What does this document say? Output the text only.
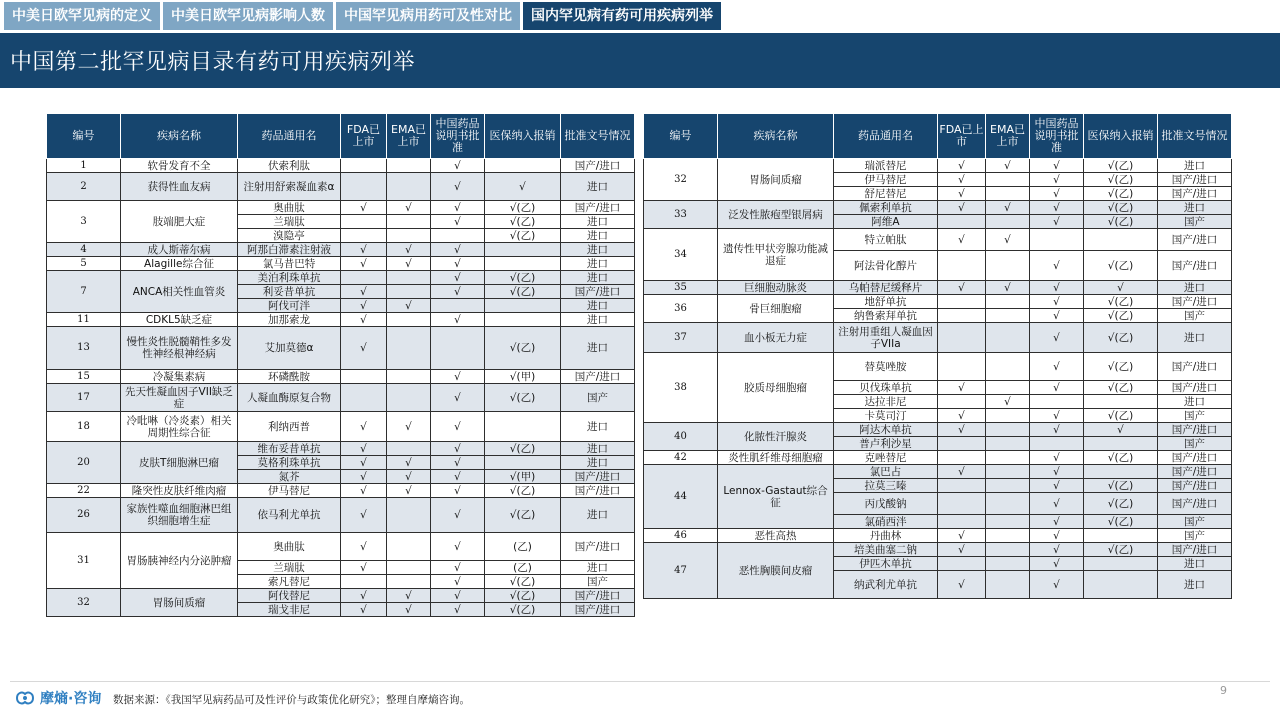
中美日欧罕见病的定义	中美日欧罕见病影响人数	中国罕见病用药可及性对比	国内罕见病有药可用疾病列举
中国第二批罕见病目录有药可用疾病列举
编号	疾病名称	药品通用名	FDA已上市	EMA已上市	中国药品说明书批准	医保纳入报销	批准文号情况
1	软骨发育不全	伏索利肽			√		国产/进口
2	获得性血友病	注射用舒索凝血素α			√	√	进口
3	肢端肥大症	奥曲肽	√	√	√	√(乙)	国产/进口
		兰瑞肽			√	√(乙)	进口
		溴隐亭				√(乙)	进口
4	成人斯蒂尔病	阿那白滞素注射液	√	√	√		进口
5	Alagille综合征	氯马昔巴特	√	√	√		进口
7	ANCA相关性血管炎	美泊利珠单抗			√	√(乙)	进口
		利妥昔单抗	√		√	√(乙)	国产/进口
		阿伐可泮	√	√			进口
11	CDKL5缺乏症	加那索龙	√		√		进口
13	慢性炎性脱髓鞘性多发性神经根神经病	艾加莫德α	√			√(乙)	进口
15	冷凝集素病	环磷酰胺			√	√(甲)	国产/进口
17	先天性凝血因子VII缺乏症	人凝血酶原复合物			√	√(乙)	国产
18	冷吡啉（冷炎素）相关周期性综合征	利纳西普	√	√	√		进口
20	皮肤T细胞淋巴瘤	维布妥昔单抗	√		√	√(乙)	进口
		莫格利珠单抗	√	√	√		进口
		氮芥	√	√	√	√(甲)	国产/进口
22	隆突性皮肤纤维肉瘤	伊马替尼	√	√	√	√(乙)	国产/进口
26	家族性噬血细胞淋巴组织细胞增生症	依马利尤单抗	√		√	√(乙)	进口
31	胃肠胰神经内分泌肿瘤	奥曲肽	√		√	(乙)	国产/进口
		兰瑞肽	√		√	(乙)	进口
		索凡替尼			√	√(乙)	国产
32	胃肠间质瘤	阿伐替尼	√	√	√	√(乙)	国产/进口
		瑞戈非尼	√	√	√	√(乙)	国产/进口
编号	疾病名称	药品通用名	FDA已上市	EMA已上市	中国药品说明书批准	医保纳入报销	批准文号情况
32	胃肠间质瘤	瑞派替尼	√	√	√	√(乙)	进口
		伊马替尼	√		√	√(乙)	国产/进口
		舒尼替尼	√		√	√(乙)	国产/进口
33	泛发性脓疱型银屑病	佩索利单抗	√	√	√	√(乙)	进口
		阿维A			√	√(乙)	国产
34	遗传性甲状旁腺功能减退症	特立帕肽	√	√			国产/进口
		阿法骨化醇片			√	√(乙)	国产/进口
35	巨细胞动脉炎	乌帕替尼缓释片	√	√	√	√	进口
36	骨巨细胞瘤	地舒单抗			√	√(乙)	国产/进口
		纳鲁索拜单抗			√	√(乙)	国产
37	血小板无力症	注射用重组人凝血因子VIIa			√	√(乙)	进口
38	胶质母细胞瘤	替莫唑胺			√	√(乙)	国产/进口
		贝伐珠单抗	√		√	√(乙)	国产/进口
		达拉非尼		√			进口
		卡莫司汀	√		√	√(乙)	国产
40	化脓性汗腺炎	阿达木单抗	√		√	√	国产/进口
		普卢利沙星					国产
42	炎性肌纤维母细胞瘤	克唑替尼			√	√(乙)	国产/进口
44	Lennox-Gastaut综合征	氯巴占	√		√		国产/进口
		拉莫三嗪			√	√(乙)	国产/进口
		丙戊酸钠			√	√(乙)	国产/进口
		氯硝西泮			√	√(乙)	国产
46	恶性高热	丹曲林	√		√		国产
47	恶性胸膜间皮瘤	培美曲塞二钠	√		√	√(乙)	国产/进口
		伊匹木单抗			√		进口
		纳武利尤单抗	√		√		进口
摩熵·咨询 数据来源：《我国罕见病药品可及性评价与政策优化研究》；整理自摩熵咨询。
9
